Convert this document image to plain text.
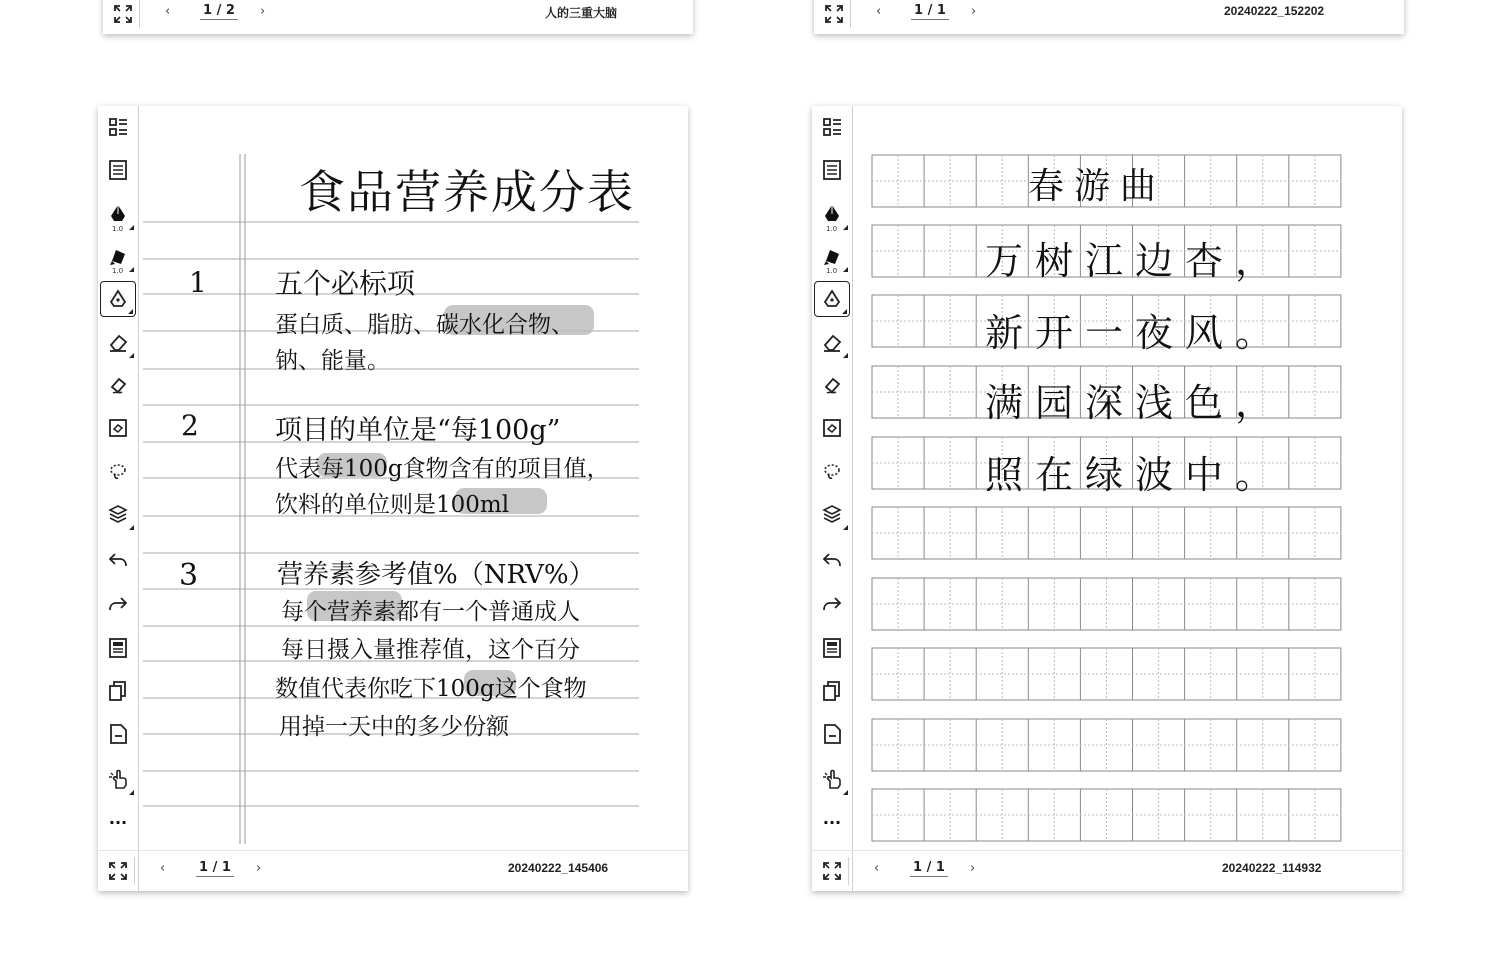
‹	1 / 2 ›	人的三重大脑	‹	1 / 1 ›	20240222_152202
1.0
1.0
···
食品营养成分表
1 五个必标项
蛋白质、脂肪、碳水化合物、
钠、能量。
2	项目的单位是“每100g”
代表每100g食物含有的项目值，
饮料的单位则是100ml
3	营养素参考值%（NRV%）
每个营养素都有一个普通成人
每日摄入量推荐值，这个百分
数值代表你吃下100g这个食物
用掉一天中的多少份额
‹	1 / 1 ›	20240222_145406
1.0
1.0
···
春游曲
万树江边杏，
新开一夜风。
满园深浅色，
照在绿波中。
‹	1 / 1 ›	20240222_114932
